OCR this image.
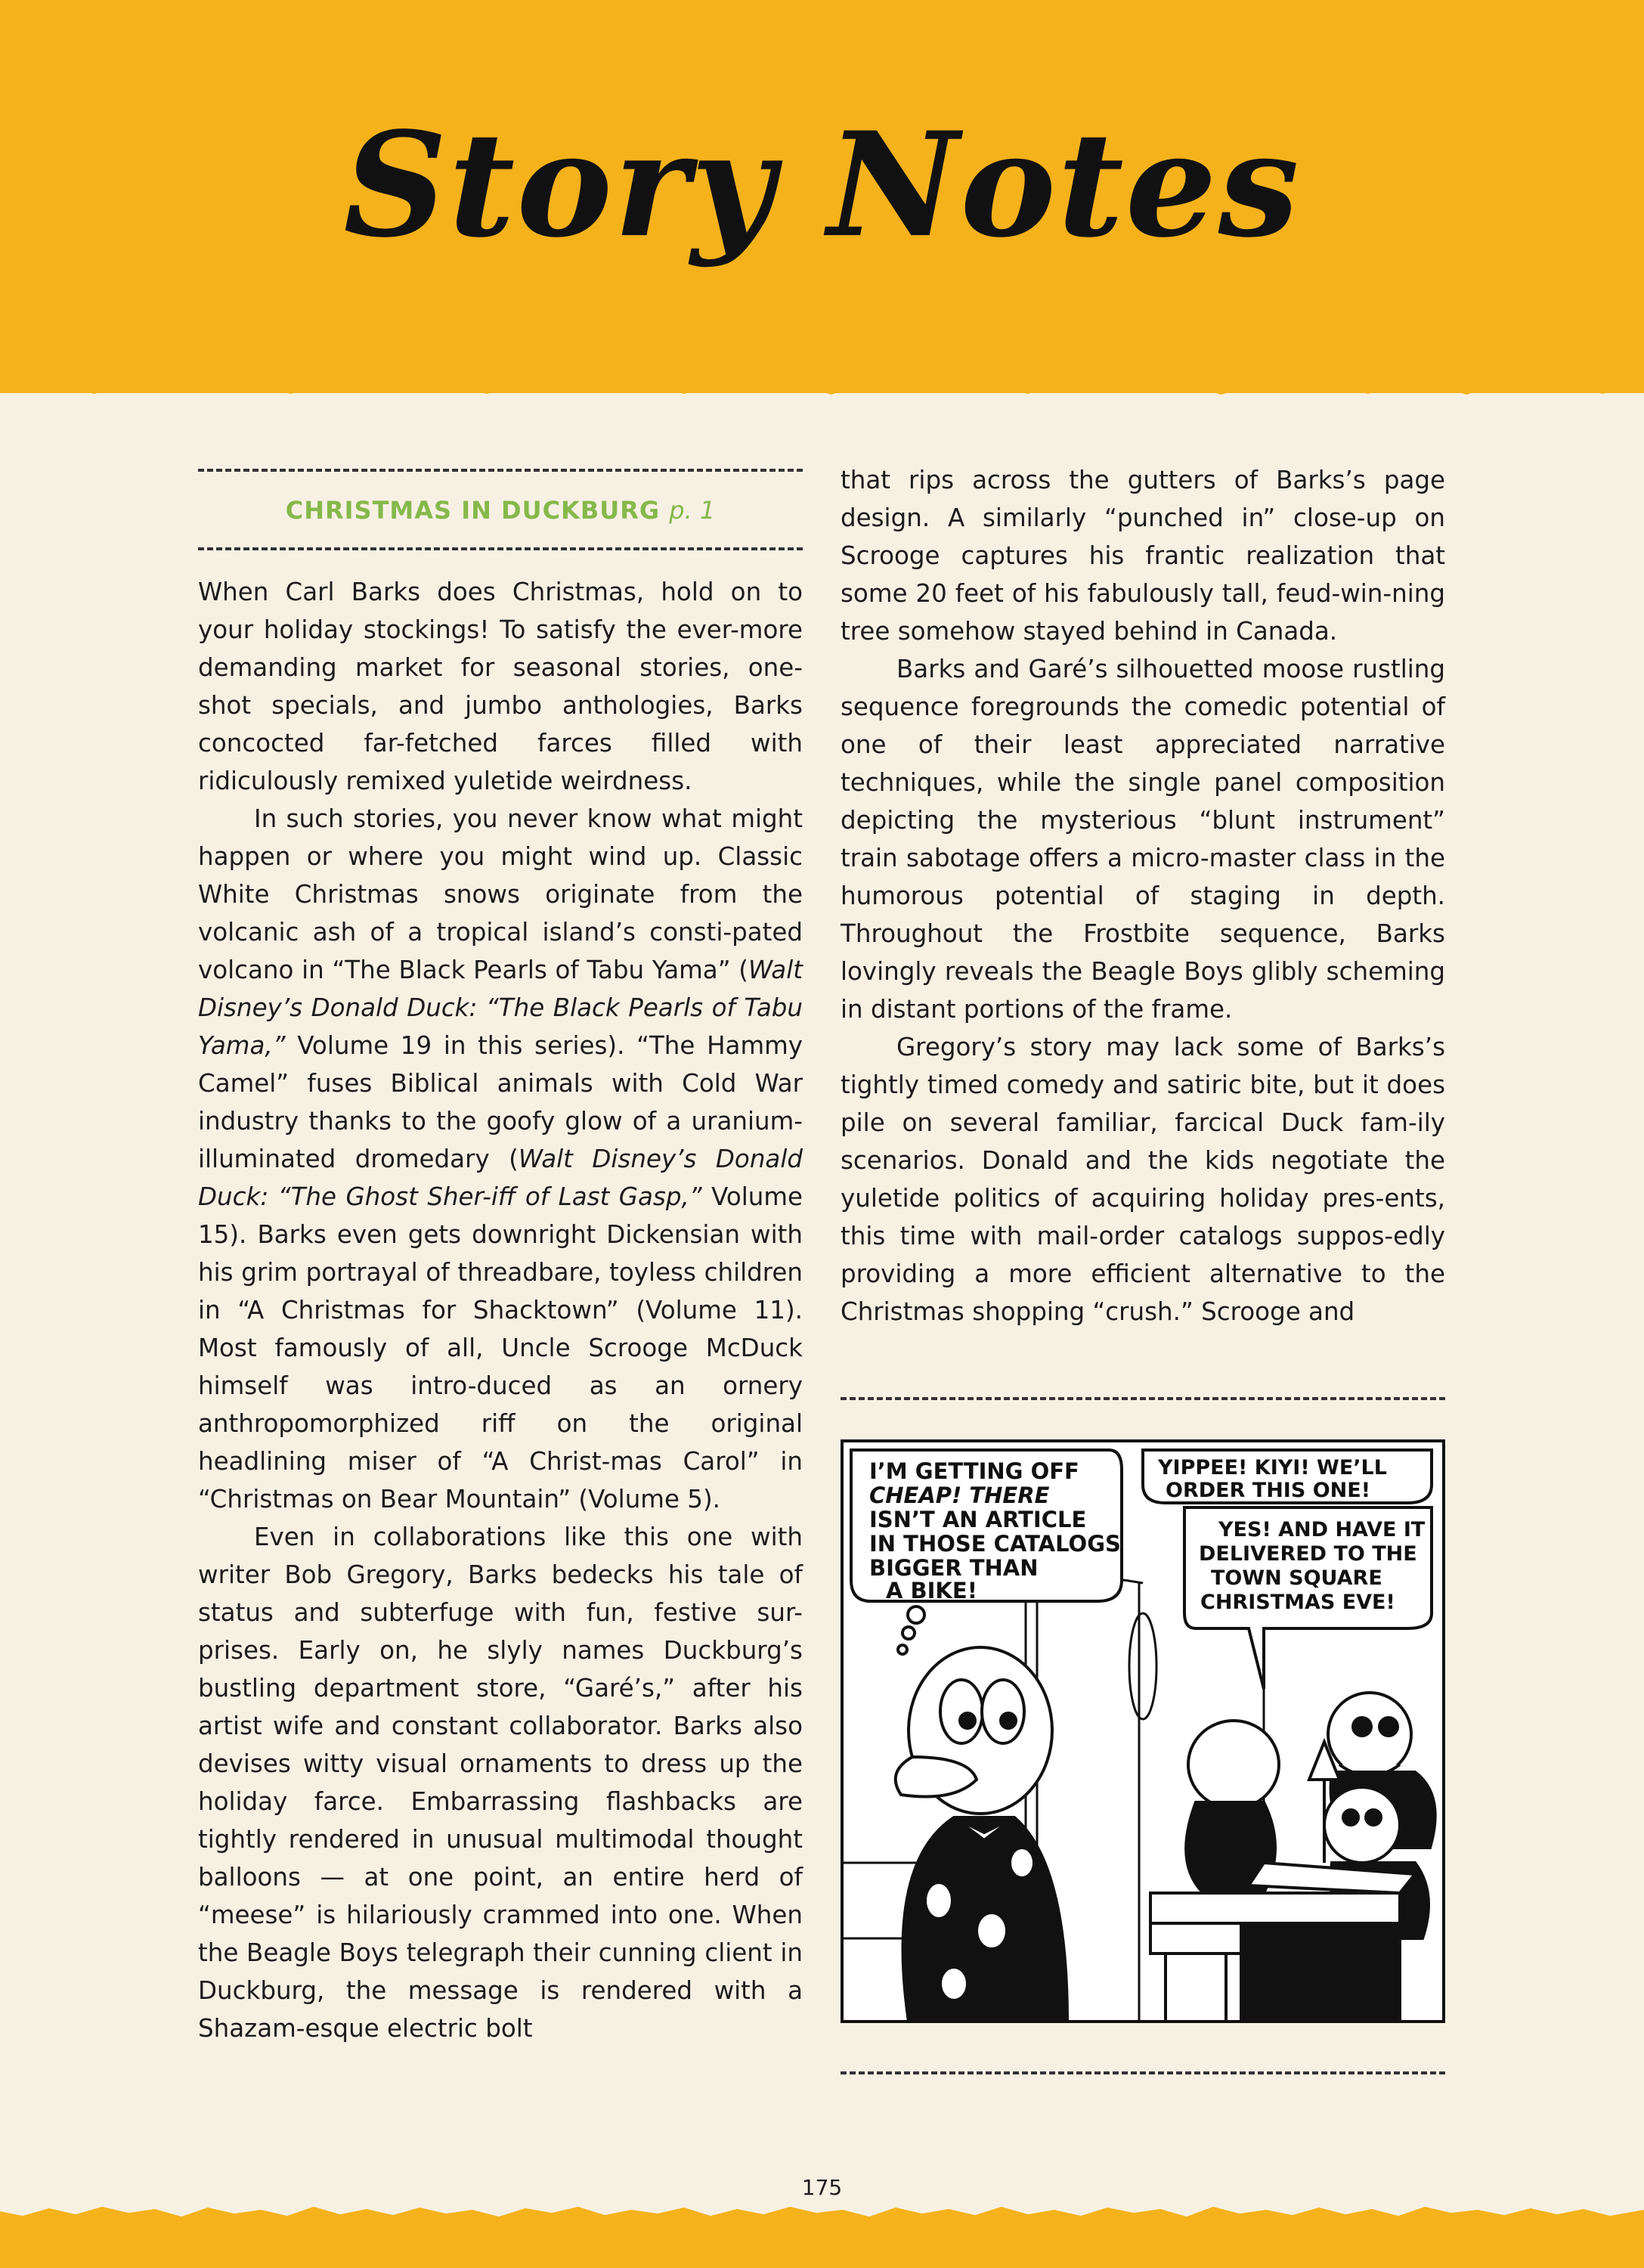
Story Notes
CHRISTMAS IN DUCKBURG p. 1

When Carl Barks does Christmas, hold on to your holiday stockings! To satisfy the ever-more demanding market for seasonal stories, one-shot specials, and jumbo anthologies, Barks concocted far-fetched farces filled with ridiculously remixed yuletide weirdness.

In such stories, you never know what might happen or where you might wind up. Classic White Christmas snows originate from the volcanic ash of a tropical island’s consti-pated volcano in “The Black Pearls of Tabu Yama” (Walt Disney’s Donald Duck: “The Black Pearls of Tabu Yama,” Volume 19 in this series). “The Hammy Camel” fuses Biblical animals with Cold War industry thanks to the goofy glow of a uranium-illuminated dromedary (Walt Disney’s Donald Duck: “The Ghost Sher-iff of Last Gasp,” Volume 15). Barks even gets downright Dickensian with his grim portrayal of threadbare, toyless children in “A Christmas for Shacktown” (Volume 11). Most famously of all, Uncle Scrooge McDuck himself was intro-duced as an ornery anthropomorphized riff on the original headlining miser of “A Christ-mas Carol” in “Christmas on Bear Mountain” (Volume 5).

Even in collaborations like this one with writer Bob Gregory, Barks bedecks his tale of status and subterfuge with fun, festive sur-prises. Early on, he slyly names Duckburg’s bustling department store, “Garé’s,” after his artist wife and constant collaborator. Barks also devises witty visual ornaments to dress up the holiday farce. Embarrassing flashbacks are tightly rendered in unusual multimodal thought balloons — at one point, an entire herd of “meese” is hilariously crammed into one. When the Beagle Boys telegraph their cunning client in Duckburg, the message is rendered with a Shazam-esque electric bolt

that rips across the gutters of Barks’s page design. A similarly “punched in” close-up on Scrooge captures his frantic realization that some 20 feet of his fabulously tall, feud-win-ning tree somehow stayed behind in Canada.

Barks and Garé’s silhouetted moose rustling sequence foregrounds the comedic potential of one of their least appreciated narrative techniques, while the single panel composition depicting the mysterious “blunt instrument” train sabotage offers a micro-master class in the humorous potential of staging in depth. Throughout the Frostbite sequence, Barks lovingly reveals the Beagle Boys glibly scheming in distant portions of the frame.

Gregory’s story may lack some of Barks’s tightly timed comedy and satiric bite, but it does pile on several familiar, farcical Duck fam-ily scenarios. Donald and the kids negotiate the yuletide politics of acquiring holiday pres-ents, this time with mail-order catalogs suppos-edly providing a more efficient alternative to the Christmas shopping “crush.” Scrooge and

I’M GETTING OFF
CHEAP! THERE
ISN’T AN ARTICLE
IN THOSE CATALOGS
BIGGER THAN
A BIKE!
YIPPEE! KIYI! WE’LL
ORDER THIS ONE!
YES! AND HAVE IT
DELIVERED TO THE
TOWN SQUARE
CHRISTMAS EVE!
175
